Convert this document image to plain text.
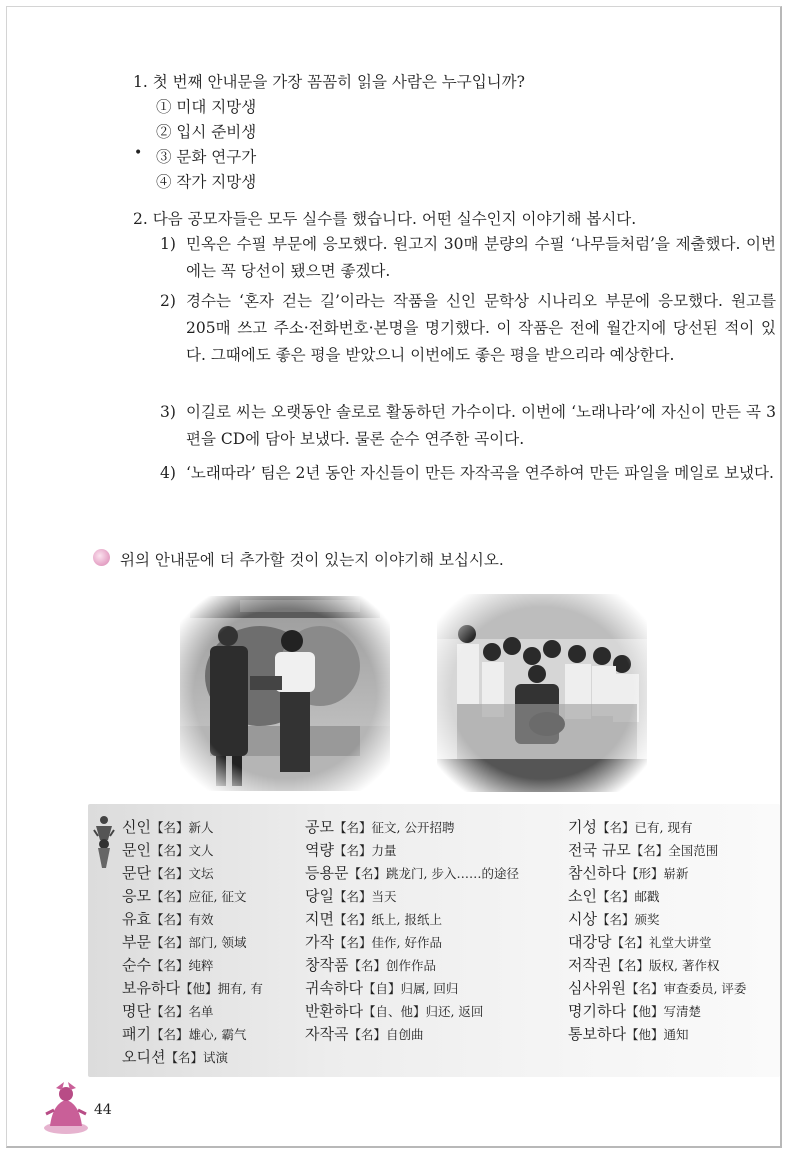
1. 첫 번째 안내문을 가장 꼼꼼히 읽을 사람은 누구입니까?
① 미대 지망생
② 입시 준비생
• ③ 문화 연구가
④ 작가 지망생
2. 다음 공모자들은 모두 실수를 했습니다. 어떤 실수인지 이야기해 봅시다.
1) 민옥은 수필 부문에 응모했다. 원고지 30매 분량의 수필 ‘나무들처럼’을 제출했다. 이번에는 꼭 당선이 됐으면 좋겠다.
2) 경수는 ‘혼자 걷는 길’이라는 작품을 신인 문학상 시나리오 부문에 응모했다. 원고를 205매 쓰고 주소·전화번호·본명을 명기했다. 이 작품은 전에 월간지에 당선된 적이 있다. 그때에도 좋은 평을 받았으니 이번에도 좋은 평을 받으리라 예상한다.
3) 이길로 씨는 오랫동안 솔로로 활동하던 가수이다. 이번에 ‘노래나라’에 자신이 만든 곡 3편을 CD에 담아 보냈다. 물론 순수 연주한 곡이다.
4) ‘노래따라’ 팀은 2년 동안 자신들이 만든 자작곡을 연주하여 만든 파일을 메일로 보냈다.
위의 안내문에 더 추가할 것이 있는지 이야기해 보십시오.
신인【名】新人
문인【名】文人
문단【名】文坛
응모【名】应征, 征文
유효【名】有效
부문【名】部门, 领域
순수【名】纯粹
보유하다【他】拥有, 有
명단【名】名单
패기【名】雄心, 霸气
오디션【名】试演
공모【名】征文, 公开招聘
역량【名】力量
등용문【名】跳龙门, 步入……的途径
당일【名】当天
지면【名】纸上, 报纸上
가작【名】佳作, 好作品
창작품【名】创作作品
귀속하다【自】归属, 回归
반환하다【自、他】归还, 返回
자작곡【名】自创曲
기성【名】已有, 现有
전국 규모【名】全国范围
참신하다【形】崭新
소인【名】邮戳
시상【名】颁奖
대강당【名】礼堂大讲堂
저작권【名】版权, 著作权
심사위원【名】审查委员, 评委
명기하다【他】写清楚
통보하다【他】通知
44
